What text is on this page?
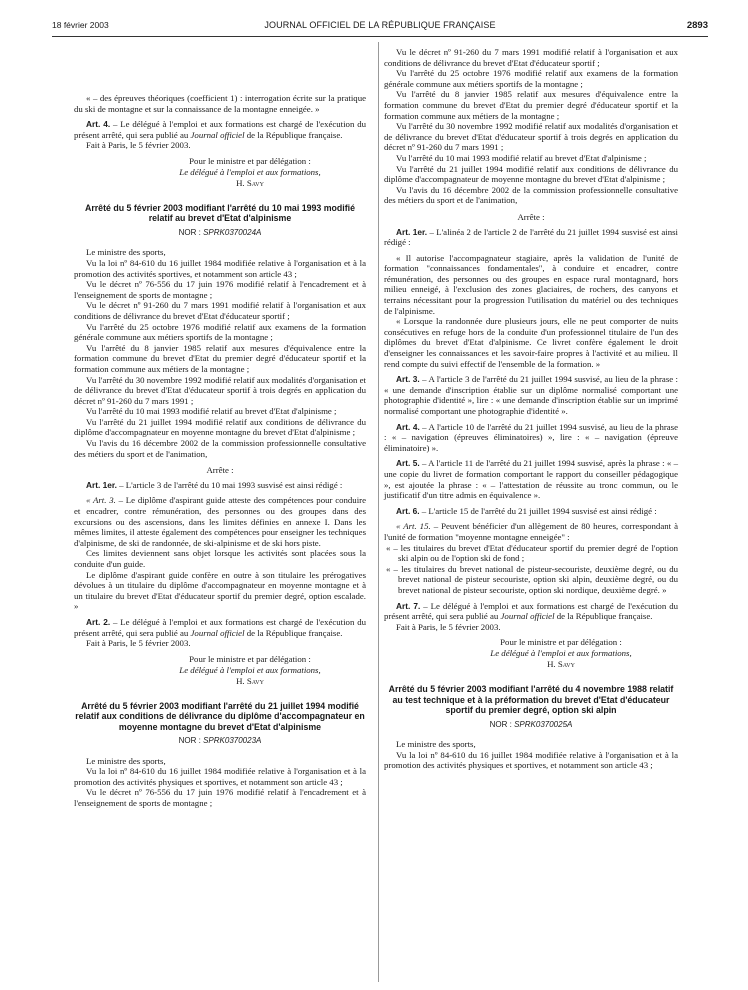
18 février 2003	JOURNAL OFFICIEL DE LA RÉPUBLIQUE FRANÇAISE	2893

« – des épreuves théoriques (coefficient 1) : interrogation écrite sur la pratique du ski de montagne et sur la connaissance de la montagne enneigée. »

Art. 4. – Le délégué à l'emploi et aux formations est chargé de l'exécution du présent arrêté, qui sera publié au Journal officiel de la République française.

Fait à Paris, le 5 février 2003.

Pour le ministre et par délégation :

Le délégué à l'emploi et aux formations,

H. Savy

Arrêté du 5 février 2003 modifiant l'arrêté du 10 mai 1993 modifié relatif au brevet d'Etat d'alpinisme
NOR : SPRK0370024A

Le ministre des sports,

Vu la loi nº 84-610 du 16 juillet 1984 modifiée relative à l'organisation et à la promotion des activités sportives, et notamment son article 43 ;

Vu le décret nº 76-556 du 17 juin 1976 modifié relatif à l'encadrement et à l'enseignement de sports de montagne ;

Vu le décret nº 91-260 du 7 mars 1991 modifié relatif à l'organisation et aux conditions de délivrance du brevet d'Etat d'éducateur sportif ;

Vu l'arrêté du 25 octobre 1976 modifié relatif aux examens de la formation générale commune aux métiers sportifs de la montagne ;

Vu l'arrêté du 8 janvier 1985 relatif aux mesures d'équivalence entre la formation commune du brevet d'Etat du premier degré d'éducateur sportif et la formation commune aux métiers de la montagne ;

Vu l'arrêté du 30 novembre 1992 modifié relatif aux modalités d'organisation et de délivrance du brevet d'Etat d'éducateur sportif à trois degrés en application du décret nº 91-260 du 7 mars 1991 ;

Vu l'arrêté du 10 mai 1993 modifié relatif au brevet d'Etat d'alpinisme ;

Vu l'arrêté du 21 juillet 1994 modifié relatif aux conditions de délivrance du diplôme d'accompagnateur en moyenne montagne du brevet d'Etat d'alpinisme ;

Vu l'avis du 16 décembre 2002 de la commission professionnelle consultative des métiers du sport et de l'animation,

Arrête :

Art. 1er. – L'article 3 de l'arrêté du 10 mai 1993 susvisé est ainsi rédigé :

« Art. 3. – Le diplôme d'aspirant guide atteste des compétences pour conduire et encadrer, contre rémunération, des personnes ou des groupes dans des excursions ou des ascensions, dans les limites définies en annexe I. Dans les mêmes limites, il atteste également des compétences pour enseigner les techniques d'alpinisme, de ski de randonnée, de ski-alpinisme et de ski hors piste.

Ces limites deviennent sans objet lorsque les activités sont placées sous la conduite d'un guide.

Le diplôme d'aspirant guide confère en outre à son titulaire les prérogatives dévolues à un titulaire du diplôme d'accompagnateur en moyenne montagne et à un titulaire du brevet d'Etat d'éducateur sportif du premier degré, option escalade. »

Art. 2. – Le délégué à l'emploi et aux formations est chargé de l'exécution du présent arrêté, qui sera publié au Journal officiel de la République française.

Fait à Paris, le 5 février 2003.

Pour le ministre et par délégation :

Le délégué à l'emploi et aux formations,

H. Savy

Arrêté du 5 février 2003 modifiant l'arrêté du 21 juillet 1994 modifié relatif aux conditions de délivrance du diplôme d'accompagnateur en moyenne montagne du brevet d'Etat d'alpinisme
NOR : SPRK0370023A

Le ministre des sports,

Vu la loi nº 84-610 du 16 juillet 1984 modifiée relative à l'organisation et à la promotion des activités physiques et sportives, et notamment son article 43 ;

Vu le décret nº 76-556 du 17 juin 1976 modifié relatif à l'encadrement et à l'enseignement de sports de montagne ;

Vu le décret nº 91-260 du 7 mars 1991 modifié relatif à l'organisation et aux conditions de délivrance du brevet d'Etat d'éducateur sportif ;

Vu l'arrêté du 25 octobre 1976 modifié relatif aux examens de la formation générale commune aux métiers sportifs de la montagne ;

Vu l'arrêté du 8 janvier 1985 relatif aux mesures d'équivalence entre la formation commune du brevet d'Etat du premier degré d'éducateur sportif et la formation commune aux métiers de la montagne ;

Vu l'arrêté du 30 novembre 1992 modifié relatif aux modalités d'organisation et de délivrance du brevet d'Etat d'éducateur sportif à trois degrés en application du décret nº 91-260 du 7 mars 1991 ;

Vu l'arrêté du 10 mai 1993 modifié relatif au brevet d'Etat d'alpinisme ;

Vu l'arrêté du 21 juillet 1994 modifié relatif aux conditions de délivrance du diplôme d'accompagnateur de moyenne montagne du brevet d'Etat d'alpinisme ;

Vu l'avis du 16 décembre 2002 de la commission professionnelle consultative des métiers du sport et de l'animation,

Arrête :

Art. 1er. – L'alinéa 2 de l'article 2 de l'arrêté du 21 juillet 1994 susvisé est ainsi rédigé :

« Il autorise l'accompagnateur stagiaire, après la validation de l'unité de formation "connaissances fondamentales", à conduire et encadrer, contre rémunération, des personnes ou des groupes en espace rural montagnard, hors milieu enneigé, à l'exclusion des zones glaciaires, de rochers, des canyons et terrains nécessitant pour la progression l'utilisation du matériel ou des techniques de l'alpinisme.

« Lorsque la randonnée dure plusieurs jours, elle ne peut comporter de nuits consécutives en refuge hors de la conduite d'un professionnel titulaire de l'un des diplômes du brevet d'Etat d'alpinisme. Ce livret confère également le droit d'enseigner les connaissances et les savoir-faire propres à l'activité et au milieu. Il rend compte du suivi effectif de l'ensemble de la formation. »

Art. 3. – A l'article 3 de l'arrêté du 21 juillet 1994 susvisé, au lieu de la phrase : « une demande d'inscription établie sur un diplôme normalisé comportant une photographie d'identité », lire : « une demande d'inscription établie sur un imprimé normalisé comportant une photographie d'identité ».

Art. 4. – A l'article 10 de l'arrêté du 21 juillet 1994 susvisé, au lieu de la phrase : « – navigation (épreuves éliminatoires) », lire : « – navigation (épreuve éliminatoire) ».

Art. 5. – A l'article 11 de l'arrêté du 21 juillet 1994 susvisé, après la phrase : « – une copie du livret de formation comportant le rapport du conseiller pédagogique », est ajoutée la phrase : « – l'attestation de réussite au tronc commun, ou le justificatif d'un titre admis en équivalence ».

Art. 6. – L'article 15 de l'arrêté du 21 juillet 1994 susvisé est ainsi rédigé :

« Art. 15. – Peuvent bénéficier d'un allègement de 80 heures, correspondant à l'unité de formation "moyenne montagne enneigée" :

« – les titulaires du brevet d'Etat d'éducateur sportif du premier degré de l'option ski alpin ou de l'option ski de fond ;

« – les titulaires du brevet national de pisteur-secouriste, deuxième degré, ou du brevet national de pisteur secouriste, option ski alpin, deuxième degré, ou du brevet national de pisteur secouriste, option ski nordique, deuxième degré. »

Art. 7. – Le délégué à l'emploi et aux formations est chargé de l'exécution du présent arrêté, qui sera publié au Journal officiel de la République française.

Fait à Paris, le 5 février 2003.

Pour le ministre et par délégation :

Le délégué à l'emploi et aux formations,

H. Savy

Arrêté du 5 février 2003 modifiant l'arrêté du 4 novembre 1988 relatif au test technique et à la préformation du brevet d'Etat d'éducateur sportif du premier degré, option ski alpin
NOR : SPRK0370025A

Le ministre des sports,

Vu la loi nº 84-610 du 16 juillet 1984 modifiée relative à l'organisation et à la promotion des activités physiques et sportives, et notamment son article 43 ;
